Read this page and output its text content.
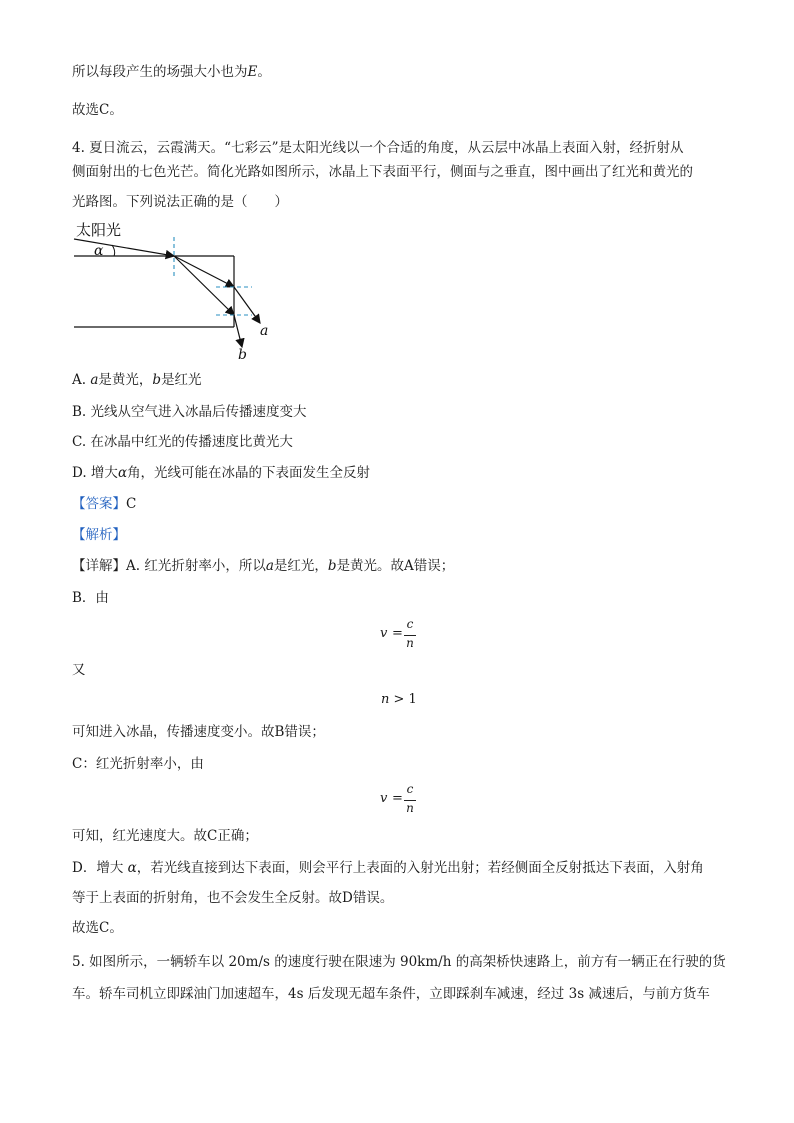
所以每段产生的场强大小也为E。
故选C。
4. 夏日流云，云霞满天。“七彩云”是太阳光线以一个合适的角度，从云层中冰晶上表面入射，经折射从
侧面射出的七色光芒。简化光路如图所示，冰晶上下表面平行，侧面与之垂直，图中画出了红光和黄光的
光路图。下列说法正确的是（　　）
太阳光
α
a
b
A. a是黄光，b是红光
B. 光线从空气进入冰晶后传播速度变大
C. 在冰晶中红光的传播速度比黄光大
D. 增大α角，光线可能在冰晶的下表面发生全反射
【答案】C
【解析】
【详解】A. 红光折射率小，所以a是红光，b是黄光。故A错误；
B．由
v =
c
n
又
n > 1
可知进入冰晶，传播速度变小。故B错误；
C：红光折射率小，由
v =
c
n
可知，红光速度大。故C正确；
D．增大 α，若光线直接到达下表面，则会平行上表面的入射光出射；若经侧面全反射抵达下表面，入射角
等于上表面的折射角，也不会发生全反射。故D错误。
故选C。
5. 如图所示，一辆轿车以 20m/s 的速度行驶在限速为 90km/h 的高架桥快速路上，前方有一辆正在行驶的货
车。轿车司机立即踩油门加速超车，4s 后发现无超车条件，立即踩刹车减速，经过 3s 减速后，与前方货车
